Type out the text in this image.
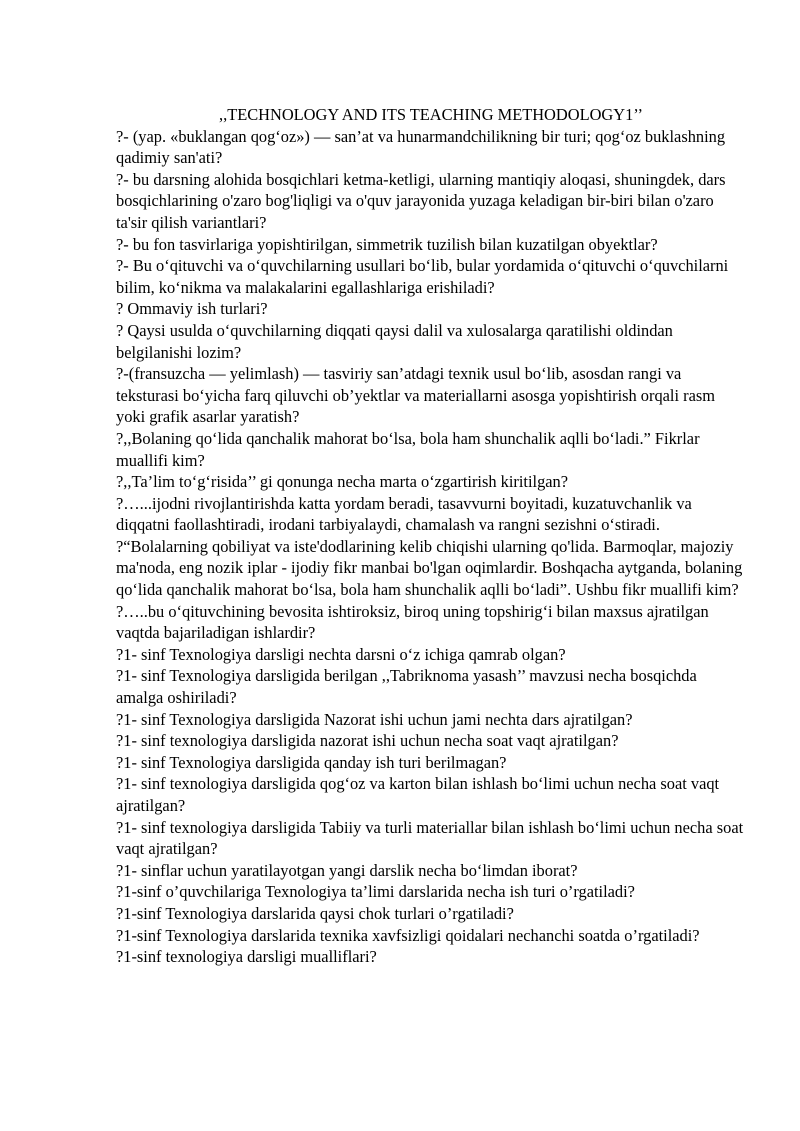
,,TECHNOLOGY AND ITS TEACHING METHODOLOGY1’’

?- (yap. «buklangan qog‘oz») — san’at va hunarmandchilikning bir turi; qog‘oz buklashning qadimiy san'ati?

?- bu darsning alohida bosqichlari ketma-ketligi, ularning mantiqiy aloqasi, shuningdek, dars bosqichlarining o'zaro bog'liqligi va o'quv jarayonida yuzaga keladigan bir-biri bilan o'zaro ta'sir qilish variantlari?

?- bu fon tasvirlariga yopishtirilgan, simmetrik tuzilish bilan kuzatilgan obyektlar?

?- Bu o‘qituvchi va o‘quvchilarning usullari bo‘lib, bular yordamida o‘qituvchi o‘quvchilarni bilim, ko‘nikma va malakalarini egallashlariga erishiladi?

? Ommaviy ish turlari?

? Qaysi usulda o‘quvchilarning diqqati qaysi dalil va xulosalarga qaratilishi oldindan belgilanishi lozim?

?-(fransuzcha — yelimlash) — tasviriy san’atdagi texnik usul bo‘lib, asosdan rangi va teksturasi bo‘yicha farq qiluvchi ob’yektlar va materiallarni asosga yopishtirish orqali rasm yoki grafik asarlar yaratish?

?,,Bolaning qo‘lida qanchalik mahorat bo‘lsa, bola ham shunchalik aqlli bo‘ladi.” Fikrlar muallifi kim?

?,,Ta’lim to‘g‘risida’’ gi qonunga necha marta o‘zgartirish kiritilgan?

?…...ijodni rivojlantirishda katta yordam beradi, tasavvurni boyitadi, kuzatuvchanlik va diqqatni faollashtiradi, irodani tarbiyalaydi, chamalash va rangni sezishni o‘stiradi.

?“Bolalarning qobiliyat va iste'dodlarining kelib chiqishi ularning qo'lida. Barmoqlar, majoziy ma'noda, eng nozik iplar - ijodiy fikr manbai bo'lgan oqimlardir. Boshqacha aytganda, bolaning qo‘lida qanchalik mahorat bo‘lsa, bola ham shunchalik aqlli bo‘ladi”. Ushbu fikr muallifi kim?

?…..bu o‘qituvchining bevosita ishtiroksiz, biroq uning topshirig‘i bilan maxsus ajratilgan vaqtda bajariladigan ishlardir?

?1- sinf Texnologiya darsligi nechta darsni o‘z ichiga qamrab olgan?

?1- sinf Texnologiya darsligida berilgan ,,Tabriknoma yasash’’ mavzusi necha bosqichda amalga oshiriladi?

?1- sinf Texnologiya darsligida Nazorat ishi uchun jami nechta dars ajratilgan?

?1- sinf texnologiya darsligida nazorat ishi uchun necha soat vaqt ajratilgan?

?1- sinf Texnologiya darsligida qanday ish turi berilmagan?

?1- sinf texnologiya darsligida qog‘oz va karton bilan ishlash bo‘limi uchun necha soat vaqt ajratilgan?

?1- sinf texnologiya darsligida Tabiiy va turli materiallar bilan ishlash bo‘limi uchun necha soat vaqt ajratilgan?

?1- sinflar uchun yaratilayotgan yangi darslik necha bo‘limdan iborat?

?1-sinf o’quvchilariga Texnologiya ta’limi darslarida necha ish turi o’rgatiladi?

?1-sinf Texnologiya darslarida qaysi chok turlari o’rgatiladi?

?1-sinf Texnologiya darslarida texnika xavfsizligi qoidalari nechanchi soatda o’rgatiladi?

?1-sinf texnologiya darsligi mualliflari?
